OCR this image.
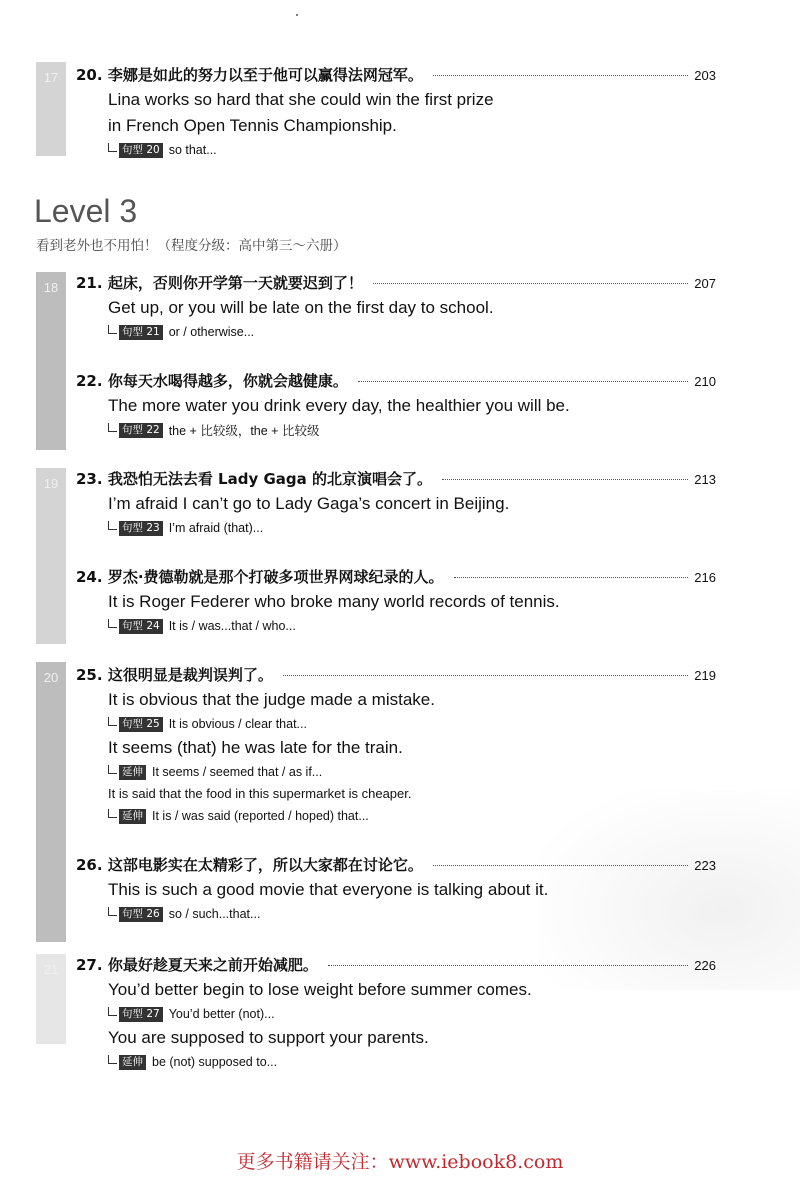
17
18
19
20
21
20.
李娜是如此的努力以至于他可以赢得法网冠军。	203
Lina works so hard that she could win the first prize
in French Open Tennis Championship.
句型 20 so that...
Level 3
看到老外也不用怕！（程度分级：高中第三～六册）
21.
起床，否则你开学第一天就要迟到了！	207
Get up, or you will be late on the first day to school.
句型 21 or / otherwise...
22.
你每天水喝得越多，你就会越健康。	210
The more water you drink every day, the healthier you will be.
句型 22 the + 比较级，the + 比较级
23.
我恐怕无法去看 Lady Gaga 的北京演唱会了。	213
I’m afraid I can’t go to Lady Gaga’s concert in Beijing.
句型 23 I’m afraid (that)...
24.
罗杰·费德勒就是那个打破多项世界网球纪录的人。	216
It is Roger Federer who broke many world records of tennis.
句型 24 It is / was...that / who...
25.
这很明显是裁判误判了。	219
It is obvious that the judge made a mistake.
句型 25 It is obvious / clear that...
It seems (that) he was late for the train.
延伸 It seems / seemed that / as if...
It is said that the food in this supermarket is cheaper.
延伸 It is / was said (reported / hoped) that...
26.
这部电影实在太精彩了，所以大家都在讨论它。	223
This is such a good movie that everyone is talking about it.
句型 26 so / such...that...
27.
你最好趁夏天来之前开始减肥。	226
You’d better begin to lose weight before summer comes.
句型 27 You’d better (not)...
You are supposed to support your parents.
延伸 be (not) supposed to...
更多书籍请关注：www.iebook8.com
